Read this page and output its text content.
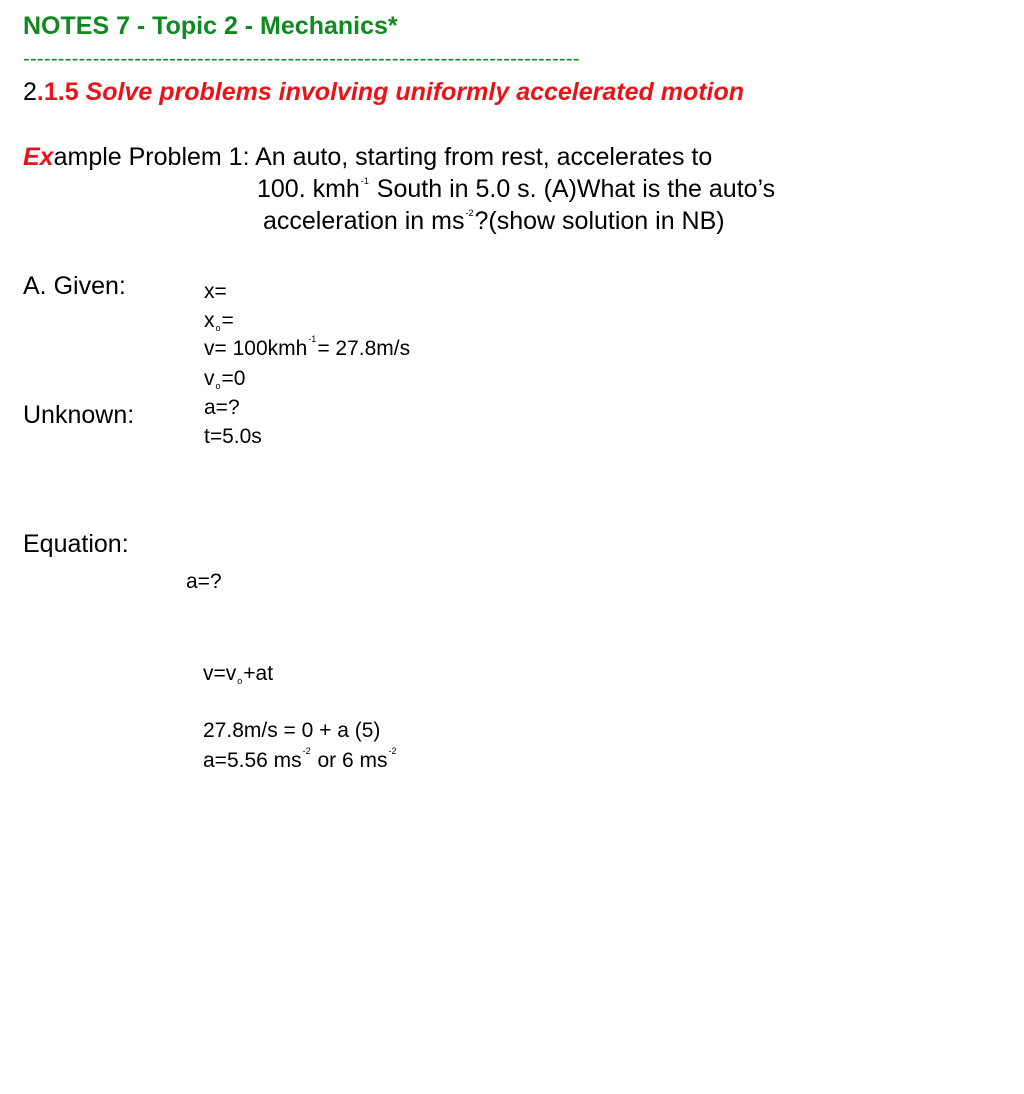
NOTES 7 - Topic 2 - Mechanics*
--------------------------------------------------------------------------------
2.1.5 Solve problems involving uniformly accelerated motion
Example Problem 1: An auto, starting from rest, accelerates to
100. kmh$^{-1}$ South in 5.0 s. (A)What is the auto’s
acceleration in $ms^{-2}?(show$ solution in NB)
A. Given:
Unknown:
Equation:
x=
$x_o=$
v= 100kmh$^{-1}$= 27.8m/s
$v_o=0$
a=?
t=5.0s
a=?
$v=v_o+at$
27.8m/s = 0 + a (5)
a=5.56 $ms^{-2}$ or 6 $ms^{-2}$
